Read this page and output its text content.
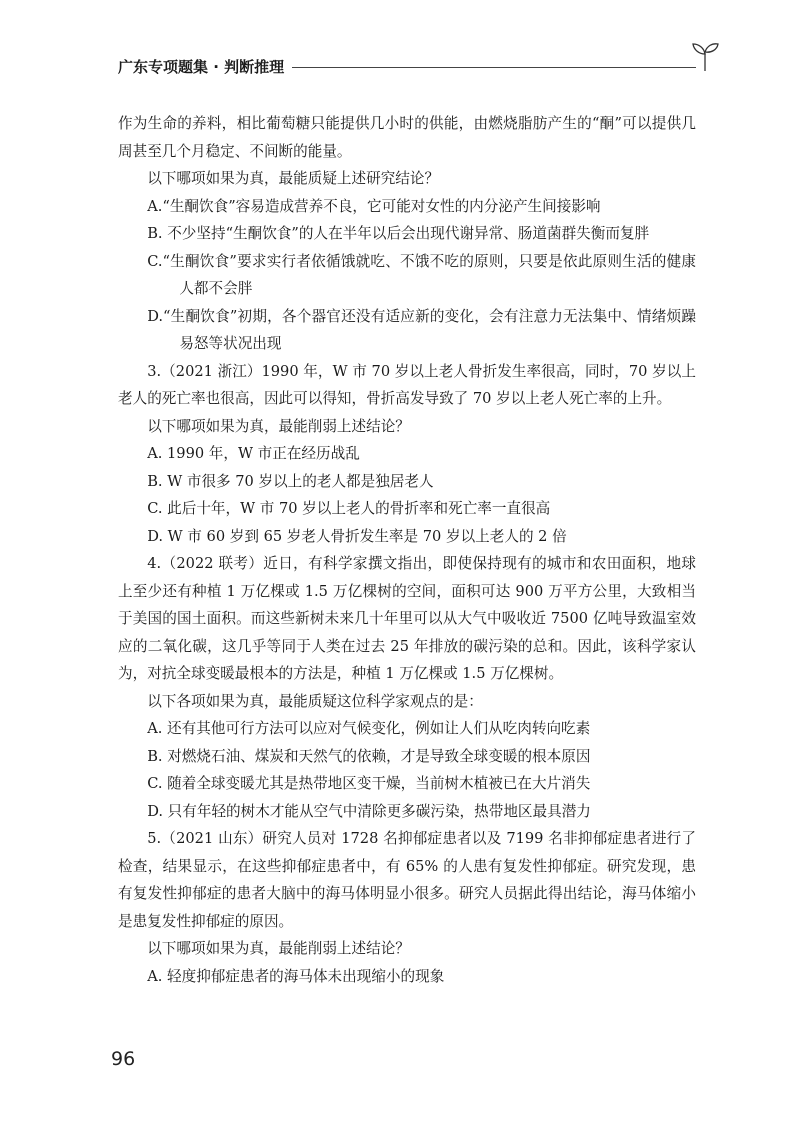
广东专项题集 · 判断推理

作为生命的养料，相比葡萄糖只能提供几小时的供能，由燃烧脂肪产生的“酮”可以提供几周甚至几个月稳定、不间断的能量。

以下哪项如果为真，最能质疑上述研究结论？

A.“生酮饮食”容易造成营养不良，它可能对女性的内分泌产生间接影响

B. 不少坚持“生酮饮食”的人在半年以后会出现代谢异常、肠道菌群失衡而复胖

C.“生酮饮食”要求实行者依循饿就吃、不饿不吃的原则，只要是依此原则生活的健康人都不会胖

D.“生酮饮食”初期，各个器官还没有适应新的变化，会有注意力无法集中、情绪烦躁易怒等状况出现

3.（2021 浙江）1990 年，W 市 70 岁以上老人骨折发生率很高，同时，70 岁以上老人的死亡率也很高，因此可以得知，骨折高发导致了 70 岁以上老人死亡率的上升。

以下哪项如果为真，最能削弱上述结论？

A. 1990 年，W 市正在经历战乱

B. W 市很多 70 岁以上的老人都是独居老人

C. 此后十年，W 市 70 岁以上老人的骨折率和死亡率一直很高

D. W 市 60 岁到 65 岁老人骨折发生率是 70 岁以上老人的 2 倍

4.（2022 联考）近日，有科学家撰文指出，即使保持现有的城市和农田面积，地球上至少还有种植 1 万亿棵或 1.5 万亿棵树的空间，面积可达 900 万平方公里，大致相当于美国的国土面积。而这些新树未来几十年里可以从大气中吸收近 7500 亿吨导致温室效应的二氧化碳，这几乎等同于人类在过去 25 年排放的碳污染的总和。因此，该科学家认为，对抗全球变暖最根本的方法是，种植 1 万亿棵或 1.5 万亿棵树。

以下各项如果为真，最能质疑这位科学家观点的是：

A. 还有其他可行方法可以应对气候变化，例如让人们从吃肉转向吃素

B. 对燃烧石油、煤炭和天然气的依赖，才是导致全球变暖的根本原因

C. 随着全球变暖尤其是热带地区变干燥，当前树木植被已在大片消失

D. 只有年轻的树木才能从空气中清除更多碳污染，热带地区最具潜力

5.（2021 山东）研究人员对 1728 名抑郁症患者以及 7199 名非抑郁症患者进行了检查，结果显示，在这些抑郁症患者中，有 65% 的人患有复发性抑郁症。研究发现，患有复发性抑郁症的患者大脑中的海马体明显小很多。研究人员据此得出结论，海马体缩小是患复发性抑郁症的原因。

以下哪项如果为真，最能削弱上述结论？

A. 轻度抑郁症患者的海马体未出现缩小的现象

96
